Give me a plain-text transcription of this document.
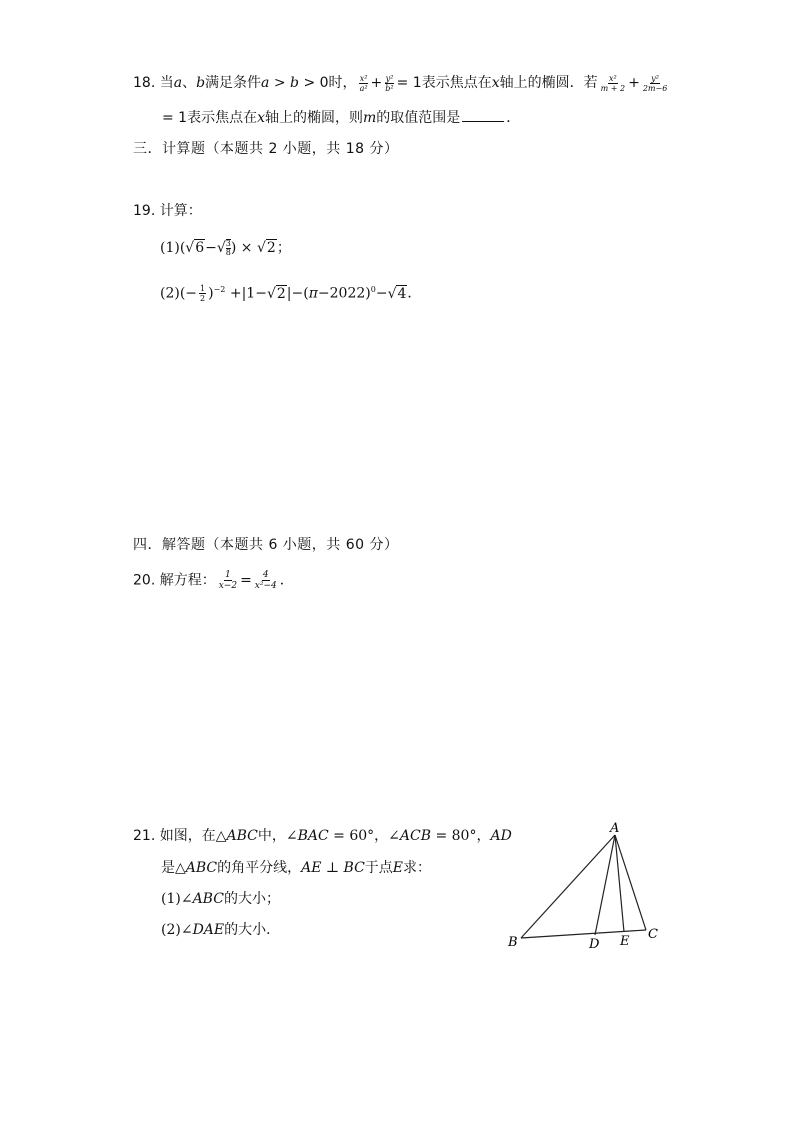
18. 当a、b满足条件a > b > 0时， $\frac{\text{x²}}{\text{a²}} + \frac{\text{y²}}{\text{b²}} = 1$表示焦点在x轴上的椭圆．若 $\frac{\text{x²}}{m + 2} + \frac{\text{y²}}{2m-6}$
= 1表示焦点在x轴上的椭圆，则m的取值范围是	．
三．计算题（本题共 2 小题，共 18 分）
19. 计算：
$(1)(√6-√ \frac{3}{8}$ ) × √2；
$(2)(- \frac{1}{2} )^{-2} +|1-√2|-(\pi-2022)^0-√4$．
四．解答题（本题共 6 小题，共 60 分）
20. 解方程： $\frac{1}{x-2} = \frac{4}{\text{x²−4}}$ ．
21. 如图，在△ABC中，∠BAC = 60°，∠ACB = 80°，AD
是△ABC的角平分线，AE ⊥ BC于点E求：
(1)∠ABC的大小；
(2)∠DAE的大小．
A
B
C
D E
